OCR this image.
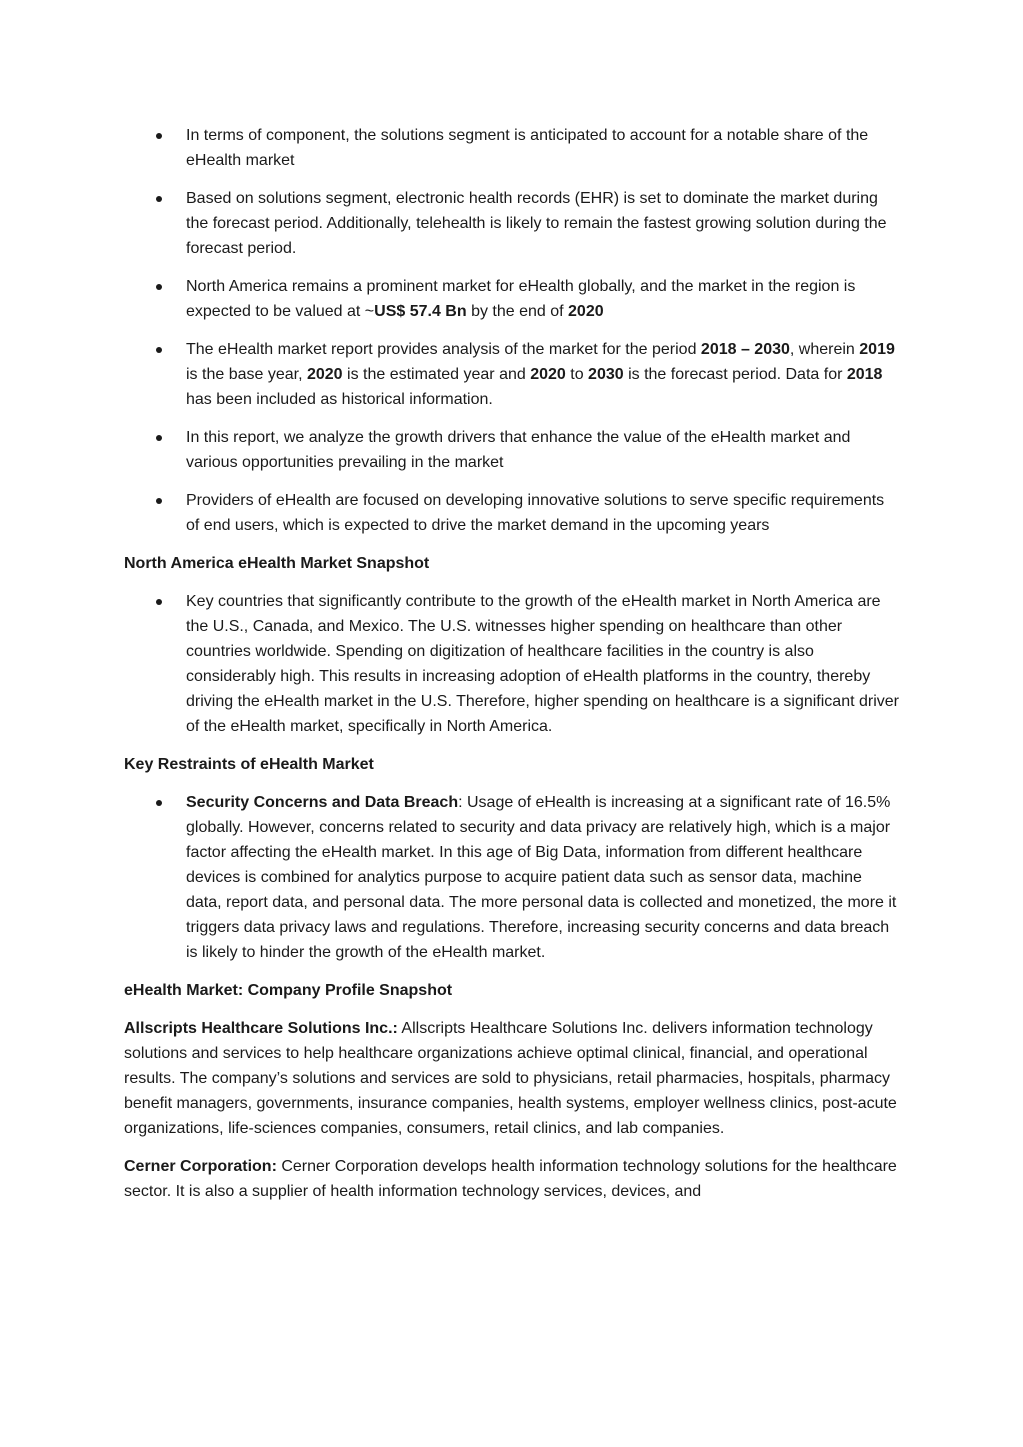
In terms of component, the solutions segment is anticipated to account for a notable share of the eHealth market
Based on solutions segment, electronic health records (EHR) is set to dominate the market during the forecast period. Additionally, telehealth is likely to remain the fastest growing solution during the forecast period.
North America remains a prominent market for eHealth globally, and the market in the region is expected to be valued at ~US$ 57.4 Bn by the end of 2020
The eHealth market report provides analysis of the market for the period 2018 – 2030, wherein 2019 is the base year, 2020 is the estimated year and 2020 to 2030 is the forecast period. Data for 2018 has been included as historical information.
In this report, we analyze the growth drivers that enhance the value of the eHealth market and various opportunities prevailing in the market
Providers of eHealth are focused on developing innovative solutions to serve specific requirements of end users, which is expected to drive the market demand in the upcoming years
North America eHealth Market Snapshot
Key countries that significantly contribute to the growth of the eHealth market in North America are the U.S., Canada, and Mexico. The U.S. witnesses higher spending on healthcare than other countries worldwide. Spending on digitization of healthcare facilities in the country is also considerably high. This results in increasing adoption of eHealth platforms in the country, thereby driving the eHealth market in the U.S. Therefore, higher spending on healthcare is a significant driver of the eHealth market, specifically in North America.
Key Restraints of eHealth Market
Security Concerns and Data Breach: Usage of eHealth is increasing at a significant rate of 16.5% globally. However, concerns related to security and data privacy are relatively high, which is a major factor affecting the eHealth market. In this age of Big Data, information from different healthcare devices is combined for analytics purpose to acquire patient data such as sensor data, machine data, report data, and personal data. The more personal data is collected and monetized, the more it triggers data privacy laws and regulations. Therefore, increasing security concerns and data breach is likely to hinder the growth of the eHealth market.
eHealth Market: Company Profile Snapshot

Allscripts Healthcare Solutions Inc.: Allscripts Healthcare Solutions Inc. delivers information technology solutions and services to help healthcare organizations achieve optimal clinical, financial, and operational results. The company’s solutions and services are sold to physicians, retail pharmacies, hospitals, pharmacy benefit managers, governments, insurance companies, health systems, employer wellness clinics, post-acute organizations, life-sciences companies, consumers, retail clinics, and lab companies.

Cerner Corporation: Cerner Corporation develops health information technology solutions for the healthcare sector. It is also a supplier of health information technology services, devices, and
